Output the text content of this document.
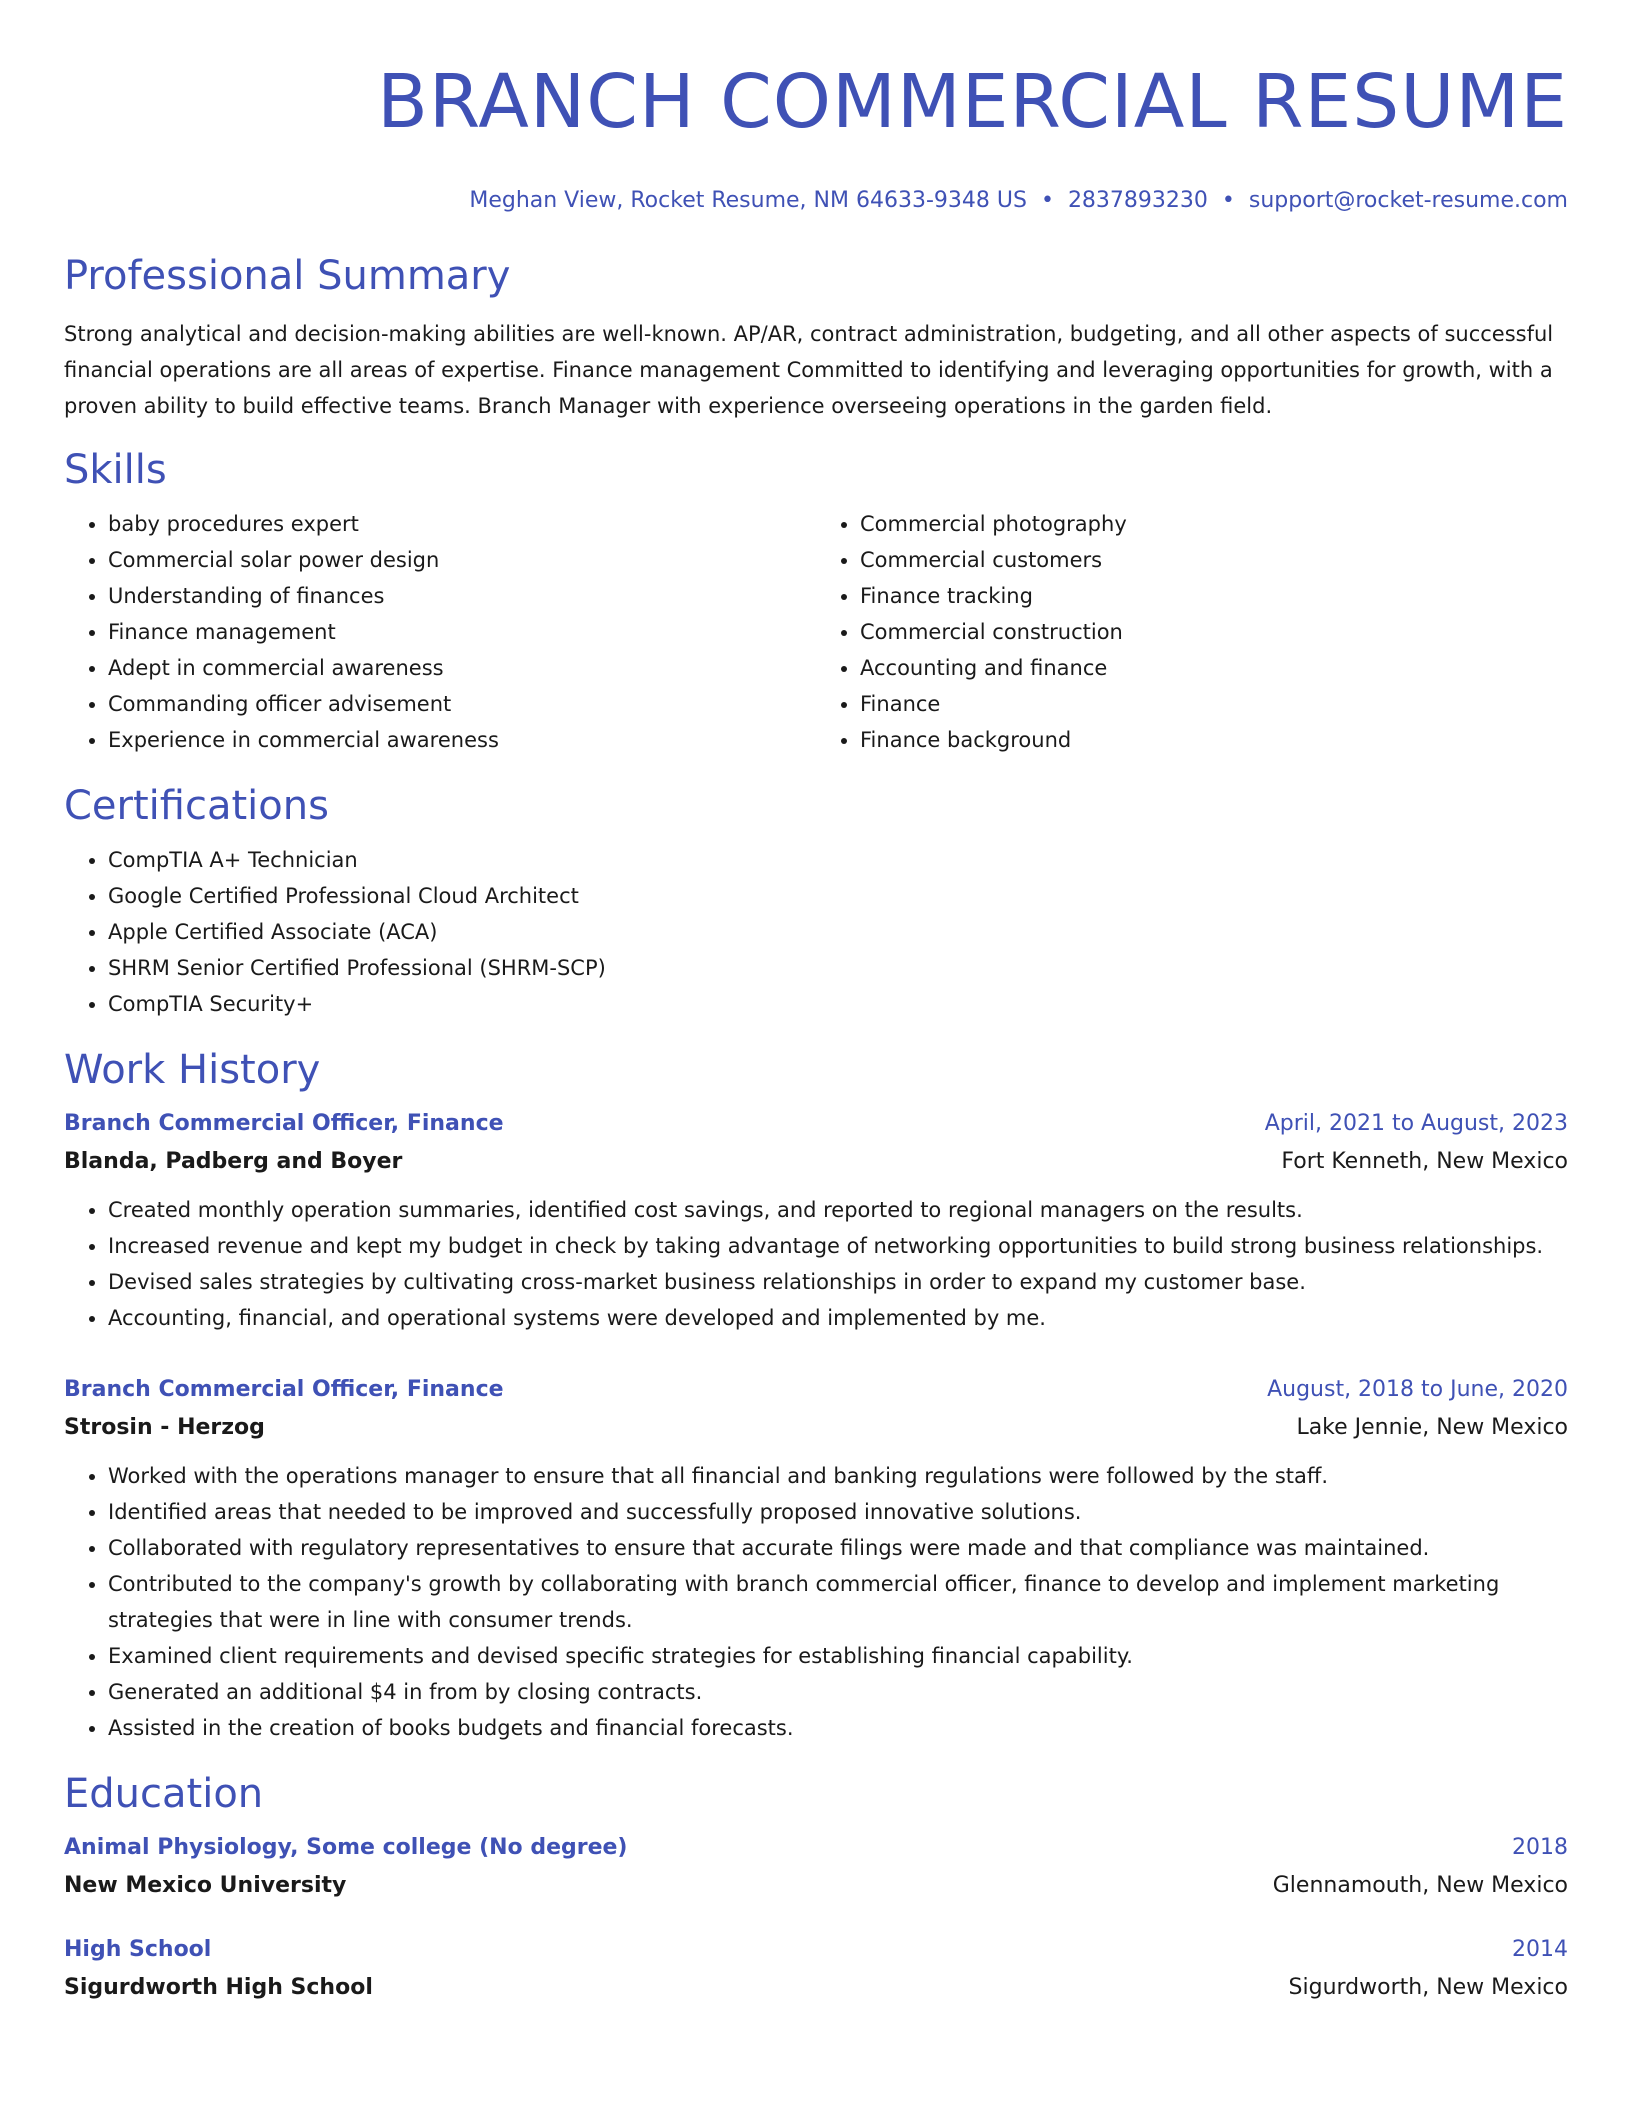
BRANCH COMMERCIAL RESUME
Meghan View, Rocket Resume, NM 64633-9348 US • 2837893230 • support@rocket-resume.com
Professional Summary

Strong analytical and decision-making abilities are well-known. AP/AR, contract administration, budgeting, and all other aspects of successful financial operations are all areas of expertise. Finance management Committed to identifying and leveraging opportunities for growth, with a proven ability to build effective teams. Branch Manager with experience overseeing operations in the garden field.

Skills
• baby procedures expert
• Commercial solar power design
• Understanding of finances
• Finance management
• Adept in commercial awareness
• Commanding officer advisement
• Experience in commercial awareness
• Commercial photography
• Commercial customers
• Finance tracking
• Commercial construction
• Accounting and finance
• Finance
• Finance background
Certifications
• CompTIA A+ Technician
• Google Certified Professional Cloud Architect
• Apple Certified Associate (ACA)
• SHRM Senior Certified Professional (SHRM-SCP)
• CompTIA Security+
Work History
Branch Commercial Officer, Finance	April, 2021 to August, 2023
Blanda, Padberg and Boyer	Fort Kenneth, New Mexico
• Created monthly operation summaries, identified cost savings, and reported to regional managers on the results.
• Increased revenue and kept my budget in check by taking advantage of networking opportunities to build strong business relationships.
• Devised sales strategies by cultivating cross-market business relationships in order to expand my customer base.
• Accounting, financial, and operational systems were developed and implemented by me.
Branch Commercial Officer, Finance	August, 2018 to June, 2020
Strosin - Herzog	Lake Jennie, New Mexico
• Worked with the operations manager to ensure that all financial and banking regulations were followed by the staff.
• Identified areas that needed to be improved and successfully proposed innovative solutions.
• Collaborated with regulatory representatives to ensure that accurate filings were made and that compliance was maintained.
• Contributed to the company's growth by collaborating with branch commercial officer, finance to develop and implement marketing strategies that were in line with consumer trends.
• Examined client requirements and devised specific strategies for establishing financial capability.
• Generated an additional $4 in from by closing contracts.
• Assisted in the creation of books budgets and financial forecasts.
Education
Animal Physiology, Some college (No degree)	2018
New Mexico University	Glennamouth, New Mexico
High School	2014
Sigurdworth High School	Sigurdworth, New Mexico
